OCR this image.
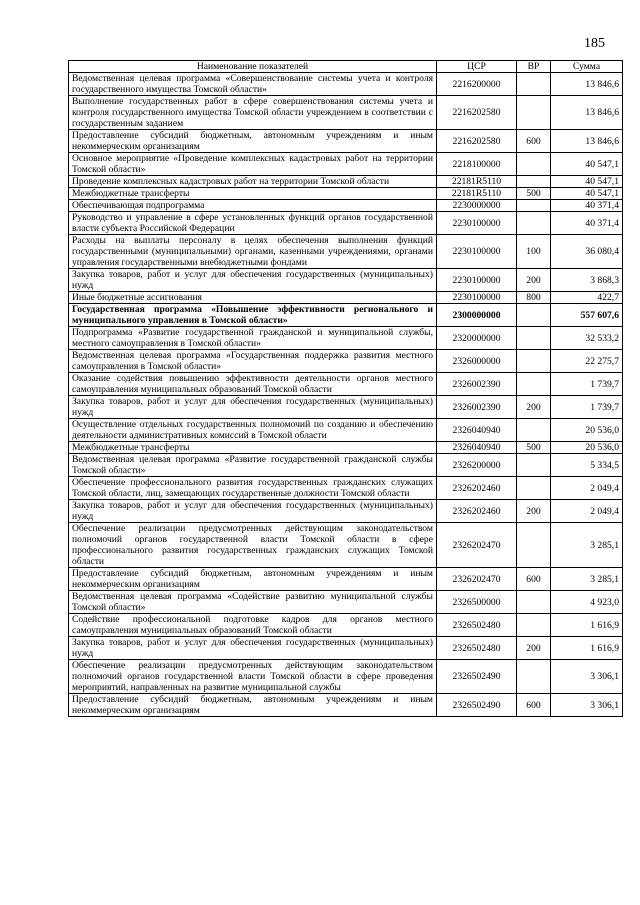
185
Наименование показателей	ЦСР	ВР	Сумма
Ведомственная целевая программа «Совершенствование системы учета и контроля государственного имущества Томской области»	2216200000		13 846,6
Выполнение государственных работ в сфере совершенствования системы учета и контроля государственного имущества Томской области учреждением в соответствии с государственным заданием	2216202580		13 846,6
Предоставление субсидий бюджетным, автономным учреждениям и иным некоммерческим организациям	2216202580	600	13 846,6
Основное мероприятие «Проведение комплексных кадастровых работ на территории Томской области»	2218100000		40 547,1
Проведение комплексных кадастровых работ на территории Томской области	22181R5110		40 547,1
Межбюджетные трансферты	22181R5110	500	40 547,1
Обеспечивающая подпрограмма	2230000000		40 371,4
Руководство и управление в сфере установленных функций органов государственной власти субъекта Российской Федерации	2230100000		40 371,4
Расходы на выплаты персоналу в целях обеспечения выполнения функций государственными (муниципальными) органами, казенными учреждениями, органами управления государственными внебюджетными фондами	2230100000	100	36 080,4
Закупка товаров, работ и услуг для обеспечения государственных (муниципальных) нужд	2230100000	200	3 868,3
Иные бюджетные ассигнования	2230100000	800	422,7
Государственная программа «Повышение эффективности регионального и муниципального управления в Томской области»	2300000000		557 607,6
Подпрограмма «Развитие государственной гражданской и муниципальной службы, местного самоуправления в Томской области»	2320000000		32 533,2
Ведомственная целевая программа «Государственная поддержка развития местного самоуправления в Томской области»	2326000000		22 275,7
Оказание содействия повышению эффективности деятельности органов местного самоуправления муниципальных образований Томской области	2326002390		1 739,7
Закупка товаров, работ и услуг для обеспечения государственных (муниципальных) нужд	2326002390	200	1 739,7
Осуществление отдельных государственных полномочий по созданию и обеспечению деятельности административных комиссий в Томской области	2326040940		20 536,0
Межбюджетные трансферты	2326040940	500	20 536,0
Ведомственная целевая программа «Развитие государственной гражданской службы Томской области»	2326200000		5 334,5
Обеспечение профессионального развития государственных гражданских служащих Томской области, лиц, замещающих государственные должности Томской области	2326202460		2 049,4
Закупка товаров, работ и услуг для обеспечения государственных (муниципальных) нужд	2326202460	200	2 049,4
Обеспечение реализации предусмотренных действующим законодательством полномочий органов государственной власти Томской области в сфере профессионального развития государственных гражданских служащих Томской области	2326202470		3 285,1
Предоставление субсидий бюджетным, автономным учреждениям и иным некоммерческим организациям	2326202470	600	3 285,1
Ведомственная целевая программа «Содействие развитию муниципальной службы Томской области»	2326500000		4 923,0
Содействие профессиональной подготовке кадров для органов местного самоуправления муниципальных образований Томской области	2326502480		1 616,9
Закупка товаров, работ и услуг для обеспечения государственных (муниципальных) нужд	2326502480	200	1 616,9
Обеспечение реализации предусмотренных действующим законодательством полномочий органов государственной власти Томской области в сфере проведения мероприятий, направленных на развитие муниципальной службы	2326502490		3 306,1
Предоставление субсидий бюджетным, автономным учреждениям и иным некоммерческим организациям	2326502490	600	3 306,1
